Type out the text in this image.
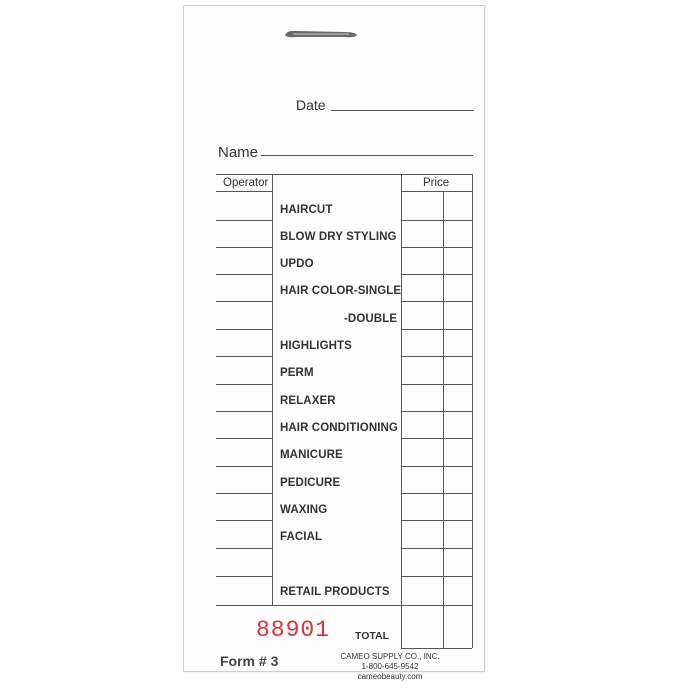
Date
Name
Operator	Price
HAIRCUT
BLOW DRY STYLING
UPDO
HAIR COLOR-SINGLE
-DOUBLE
HIGHLIGHTS
PERM
RELAXER
HAIR CONDITIONING
MANICURE
PEDICURE
WAXING
FACIAL
RETAIL PRODUCTS
88901 TOTAL
Form # 3	CAMEO SUPPLY CO., INC.
1-800-645-9542
cameobeauty.com
